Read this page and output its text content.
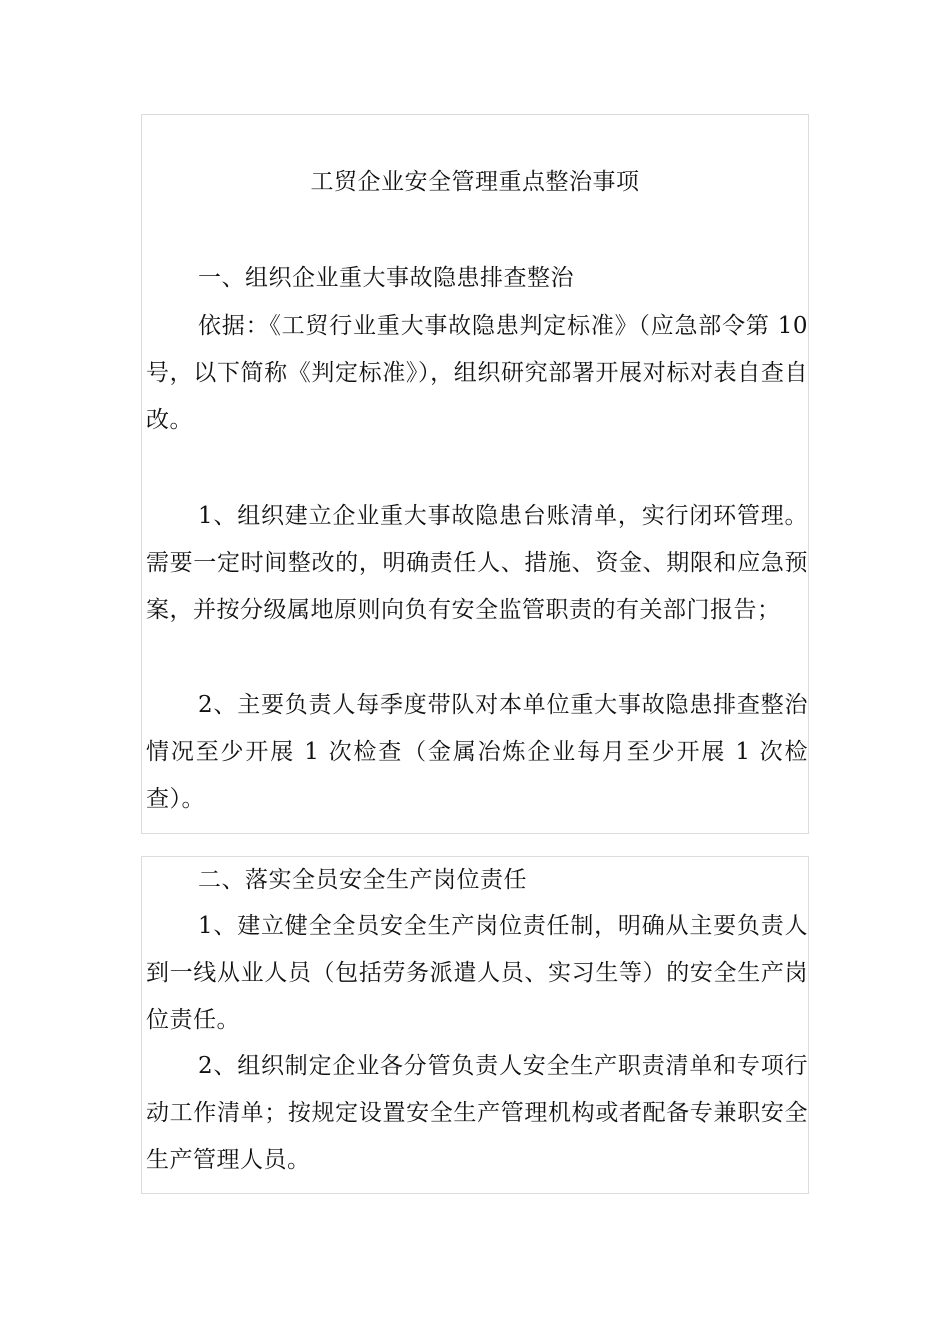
工贸企业安全管理重点整治事项

一、组织企业重大事故隐患排查整治

依据：《工贸行业重大事故隐患判定标准》（应急部令第 10 号，以下简称《判定标准》），组织研究部署开展对标对表自查自改。

1、组织建立企业重大事故隐患台账清单，实行闭环管理。需要一定时间整改的，明确责任人、措施、资金、期限和应急预案，并按分级属地原则向负有安全监管职责的有关部门报告；

2、主要负责人每季度带队对本单位重大事故隐患排查整治情况至少开展 1 次检查（金属冶炼企业每月至少开展 1 次检查）。

二、落实全员安全生产岗位责任

1、建立健全全员安全生产岗位责任制，明确从主要负责人到一线从业人员（包括劳务派遣人员、实习生等）的安全生产岗位责任。

2、组织制定企业各分管负责人安全生产职责清单和专项行动工作清单；按规定设置安全生产管理机构或者配备专兼职安全生产管理人员。
